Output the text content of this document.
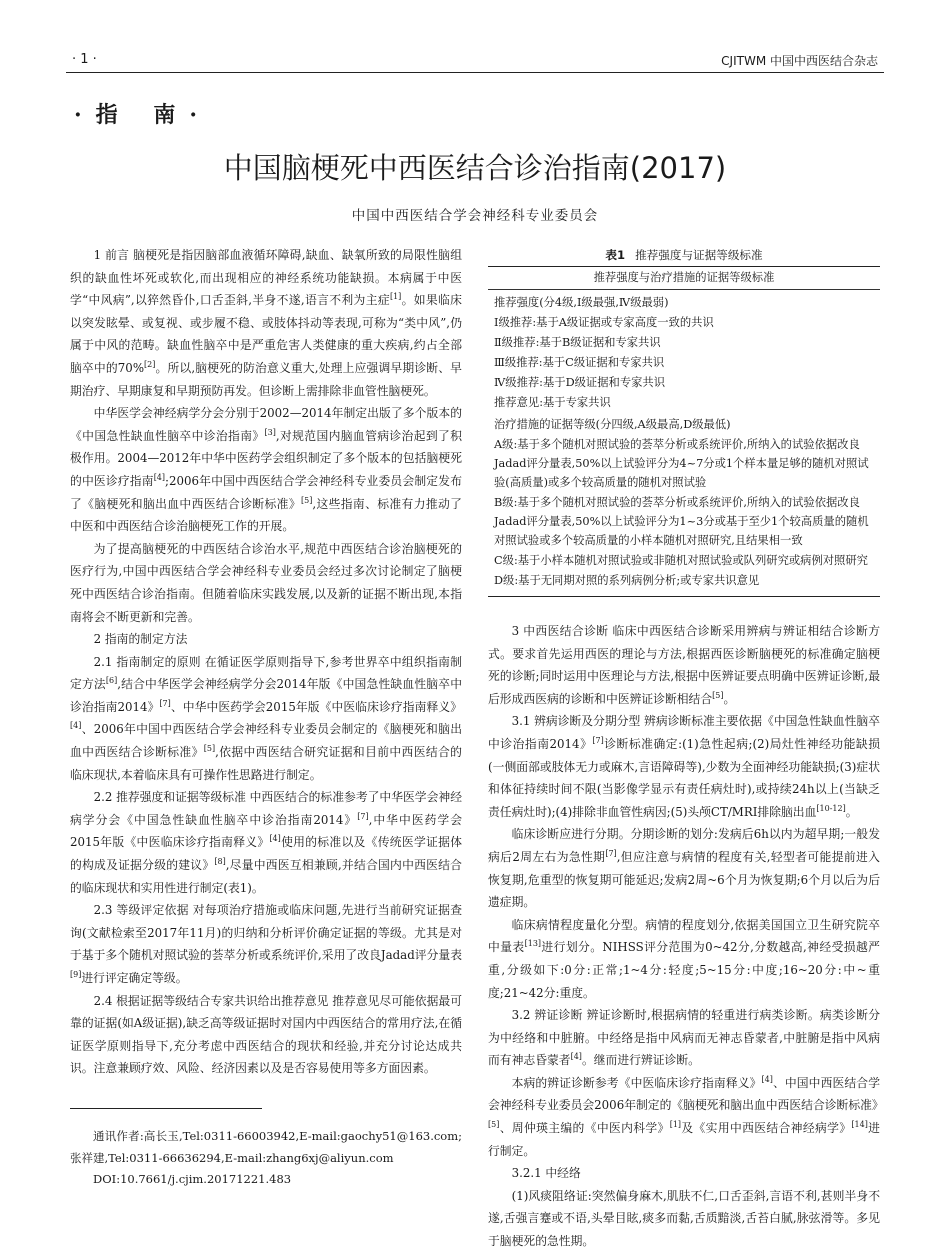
· 1 ·	CJITWM 中国中西医结合杂志
·指 南·
中国脑梗死中西医结合诊治指南(2017)
中国中西医结合学会神经科专业委员会

1 前言 脑梗死是指因脑部血液循环障碍,缺血、缺氧所致的局限性脑组织的缺血性坏死或软化,而出现相应的神经系统功能缺损。本病属于中医学“中风病”,以猝然昏仆,口舌歪斜,半身不遂,语言不利为主症[1]。如果临床以突发眩晕、或复视、或步履不稳、或肢体抖动等表现,可称为“类中风”,仍属于中风的范畴。缺血性脑卒中是严重危害人类健康的重大疾病,约占全部脑卒中的70%[2]。所以,脑梗死的防治意义重大,处理上应强调早期诊断、早期治疗、早期康复和早期预防再发。但诊断上需排除非血管性脑梗死。

中华医学会神经病学分会分别于2002—2014年制定出版了多个版本的《中国急性缺血性脑卒中诊治指南》[3],对规范国内脑血管病诊治起到了积极作用。2004—2012年中华中医药学会组织制定了多个版本的包括脑梗死的中医诊疗指南[4];2006年中国中西医结合学会神经科专业委员会制定发布了《脑梗死和脑出血中西医结合诊断标准》[5],这些指南、标准有力推动了中医和中西医结合诊治脑梗死工作的开展。

为了提高脑梗死的中西医结合诊治水平,规范中西医结合诊治脑梗死的医疗行为,中国中西医结合学会神经科专业委员会经过多次讨论制定了脑梗死中西医结合诊治指南。但随着临床实践发展,以及新的证据不断出现,本指南将会不断更新和完善。

2 指南的制定方法

2.1 指南制定的原则 在循证医学原则指导下,参考世界卒中组织指南制定方法[6],结合中华医学会神经病学分会2014年版《中国急性缺血性脑卒中诊治指南2014》[7]、中华中医药学会2015年版《中医临床诊疗指南释义》[4]、2006年中国中西医结合学会神经科专业委员会制定的《脑梗死和脑出血中西医结合诊断标准》[5],依据中西医结合研究证据和目前中西医结合的临床现状,本着临床具有可操作性思路进行制定。

2.2 推荐强度和证据等级标准 中西医结合的标准参考了中华医学会神经病学分会《中国急性缺血性脑卒中诊治指南2014》[7],中华中医药学会2015年版《中医临床诊疗指南释义》[4]使用的标准以及《传统医学证据体的构成及证据分级的建议》[8],尽量中西医互相兼顾,并结合国内中西医结合的临床现状和实用性进行制定(表1)。

2.3 等级评定依据 对每项治疗措施或临床问题,先进行当前研究证据查询(文献检索至2017年11月)的归纳和分析评价确定证据的等级。尤其是对于基于多个随机对照试验的荟萃分析或系统评价,采用了改良Jadad评分量表[9]进行评定确定等级。

2.4 根据证据等级结合专家共识给出推荐意见 推荐意见尽可能依据最可靠的证据(如A级证据),缺乏高等级证据时对国内中西医结合的常用疗法,在循证医学原则指导下,充分考虑中西医结合的现状和经验,并充分讨论达成共识。注意兼顾疗效、风险、经济因素以及是否容易使用等多方面因素。

通讯作者:高长玉,Tel:0311-66003942,E-mail:gaochy51@163.com;张祥建,Tel:0311-66636294,E-mail:zhang6xj@aliyun.com

DOI:10.7661/j.cjim.20171221.483

表1 推荐强度与证据等级标准
推荐强度与治疗措施的证据等级标准
推荐强度(分4级,Ⅰ级最强,Ⅳ级最弱)
Ⅰ级推荐:基于A级证据或专家高度一致的共识
Ⅱ级推荐:基于B级证据和专家共识
Ⅲ级推荐:基于C级证据和专家共识
Ⅳ级推荐:基于D级证据和专家共识
推荐意见:基于专家共识
治疗措施的证据等级(分四级,A级最高,D级最低)
A级:基于多个随机对照试验的荟萃分析或系统评价,所纳入的试验依据改良Jadad评分量表,50%以上试验评分为4~7分或1个样本量足够的随机对照试验(高质量)或多个较高质量的随机对照试验
B级:基于多个随机对照试验的荟萃分析或系统评价,所纳入的试验依据改良Jadad评分量表,50%以上试验评分为1~3分或基于至少1个较高质量的随机对照试验或多个较高质量的小样本随机对照研究,且结果相一致
C级:基于小样本随机对照试验或非随机对照试验或队列研究或病例对照研究
D级:基于无同期对照的系列病例分析;或专家共识意见

3 中西医结合诊断 临床中西医结合诊断采用辨病与辨证相结合诊断方式。要求首先运用西医的理论与方法,根据西医诊断脑梗死的标准确定脑梗死的诊断;同时运用中医理论与方法,根据中医辨证要点明确中医辨证诊断,最后形成西医病的诊断和中医辨证诊断相结合[5]。

3.1 辨病诊断及分期分型 辨病诊断标准主要依据《中国急性缺血性脑卒中诊治指南2014》[7]诊断标准确定:(1)急性起病;(2)局灶性神经功能缺损(一侧面部或肢体无力或麻木,言语障碍等),少数为全面神经功能缺损;(3)症状和体征持续时间不限(当影像学显示有责任病灶时),或持续24h以上(当缺乏责任病灶时);(4)排除非血管性病因;(5)头颅CT/MRI排除脑出血[10-12]。

临床诊断应进行分期。分期诊断的划分:发病后6h以内为超早期;一般发病后2周左右为急性期[7],但应注意与病情的程度有关,轻型者可能提前进入恢复期,危重型的恢复期可能延迟;发病2周~6个月为恢复期;6个月以后为后遗症期。

临床病情程度量化分型。病情的程度划分,依据美国国立卫生研究院卒中量表[13]进行划分。NIHSS评分范围为0~42分,分数越高,神经受损越严重,分级如下:0分:正常;1~4分:轻度;5~15分:中度;16~20分:中~重度;21~42分:重度。

3.2 辨证诊断 辨证诊断时,根据病情的轻重进行病类诊断。病类诊断分为中经络和中脏腑。中经络是指中风病而无神志昏蒙者,中脏腑是指中风病而有神志昏蒙者[4]。继而进行辨证诊断。

本病的辨证诊断参考《中医临床诊疗指南释义》[4]、中国中西医结合学会神经科专业委员会2006年制定的《脑梗死和脑出血中西医结合诊断标准》[5]、周仲瑛主编的《中医内科学》[1]及《实用中西医结合神经病学》[14]进行制定。

3.2.1 中经络

(1)风痰阻络证:突然偏身麻木,肌肤不仁,口舌歪斜,言语不利,甚则半身不遂,舌强言蹇或不语,头晕目眩,痰多而黏,舌质黯淡,舌苔白腻,脉弦滑等。多见于脑梗死的急性期。
